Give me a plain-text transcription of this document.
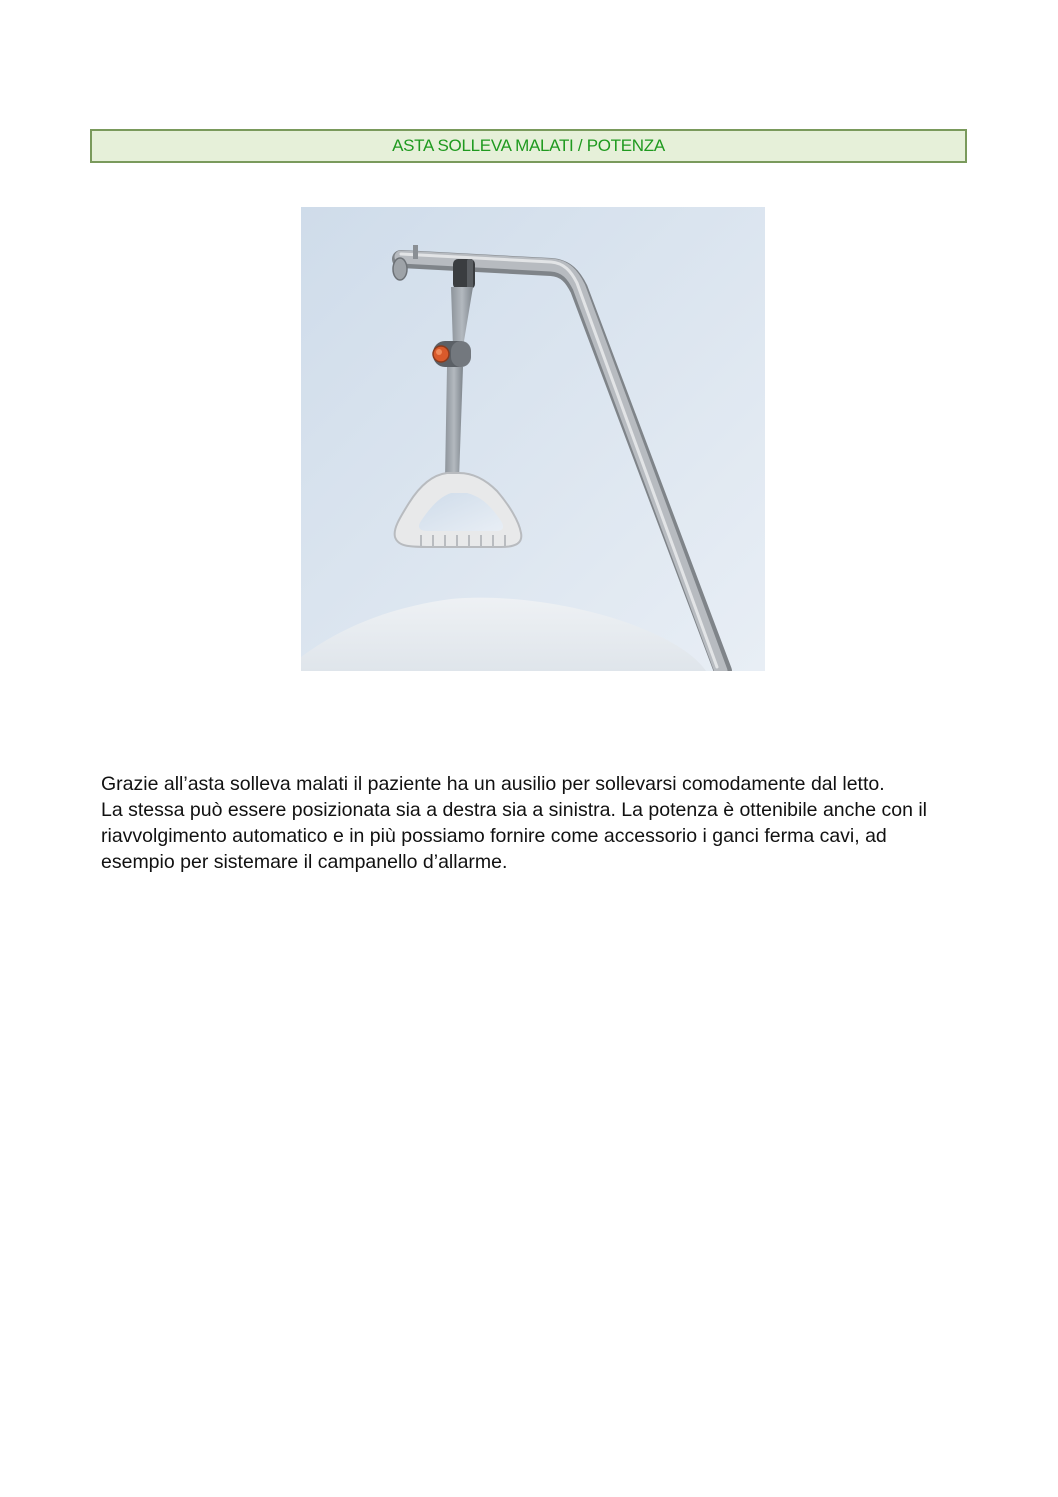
ASTA SOLLEVA MALATI / POTENZA

Grazie all’asta solleva malati il paziente ha un ausilio per sollevarsi comodamente dal letto.

La stessa può essere posizionata sia a destra sia a sinistra. La potenza è ottenibile anche con il riavvolgimento automatico e in più possiamo fornire come accessorio i ganci ferma cavi, ad esempio per sistemare il campanello d’allarme.
